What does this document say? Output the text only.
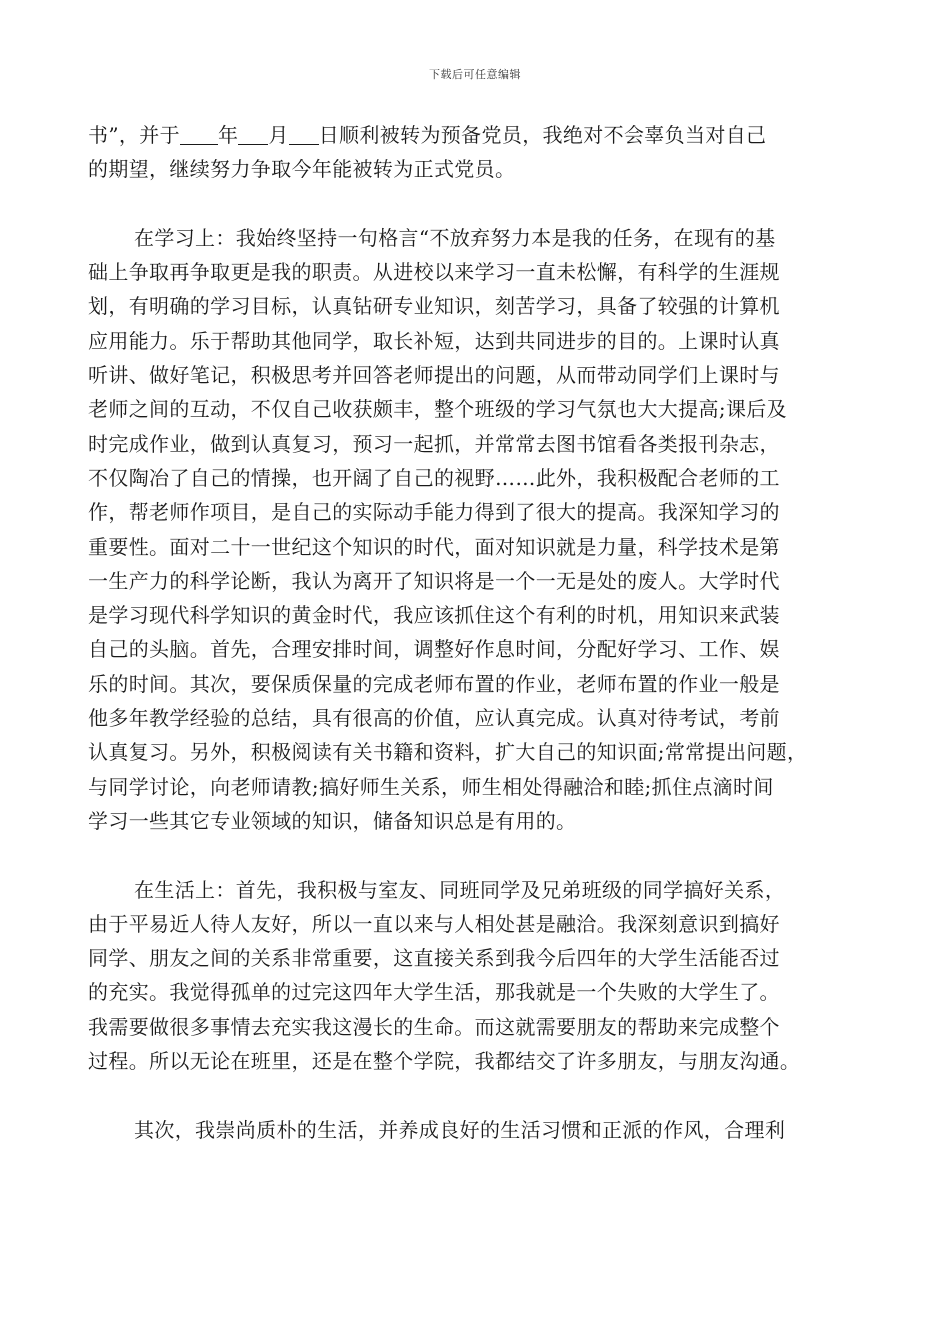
下载后可任意编辑
书”，并于 年 月 日顺利被转为预备党员，我绝对不会辜负当对自己
的期望，继续努力争取今年能被转为正式党员。
在学习上：我始终坚持一句格言“不放弃努力本是我的任务，在现有的基
础上争取再争取更是我的职责。从进校以来学习一直未松懈，有科学的生涯规
划，有明确的学习目标，认真钻研专业知识，刻苦学习，具备了较强的计算机
应用能力。乐于帮助其他同学，取长补短，达到共同进步的目的。上课时认真
听讲、做好笔记，积极思考并回答老师提出的问题，从而带动同学们上课时与
老师之间的互动，不仅自己收获颇丰，整个班级的学习气氛也大大提高;课后及
时完成作业，做到认真复习，预习一起抓，并常常去图书馆看各类报刊杂志，
不仅陶冶了自己的情操，也开阔了自己的视野……此外，我积极配合老师的工
作，帮老师作项目，是自己的实际动手能力得到了很大的提高。我深知学习的
重要性。面对二十一世纪这个知识的时代，面对知识就是力量，科学技术是第
一生产力的科学论断，我认为离开了知识将是一个一无是处的废人。大学时代
是学习现代科学知识的黄金时代，我应该抓住这个有利的时机，用知识来武装
自己的头脑。首先，合理安排时间，调整好作息时间，分配好学习、工作、娱
乐的时间。其次，要保质保量的完成老师布置的作业，老师布置的作业一般是
他多年教学经验的总结，具有很高的价值，应认真完成。认真对待考试，考前
认真复习。另外，积极阅读有关书籍和资料，扩大自己的知识面;常常提出问题，
与同学讨论，向老师请教;搞好师生关系，师生相处得融洽和睦;抓住点滴时间
学习一些其它专业领域的知识，储备知识总是有用的。
在生活上：首先，我积极与室友、同班同学及兄弟班级的同学搞好关系，
由于平易近人待人友好，所以一直以来与人相处甚是融洽。我深刻意识到搞好
同学、朋友之间的关系非常重要，这直接关系到我今后四年的大学生活能否过
的充实。我觉得孤单的过完这四年大学生活，那我就是一个失败的大学生了。
我需要做很多事情去充实我这漫长的生命。而这就需要朋友的帮助来完成整个
过程。所以无论在班里，还是在整个学院，我都结交了许多朋友，与朋友沟通。
其次，我崇尚质朴的生活，并养成良好的生活习惯和正派的作风，合理利
